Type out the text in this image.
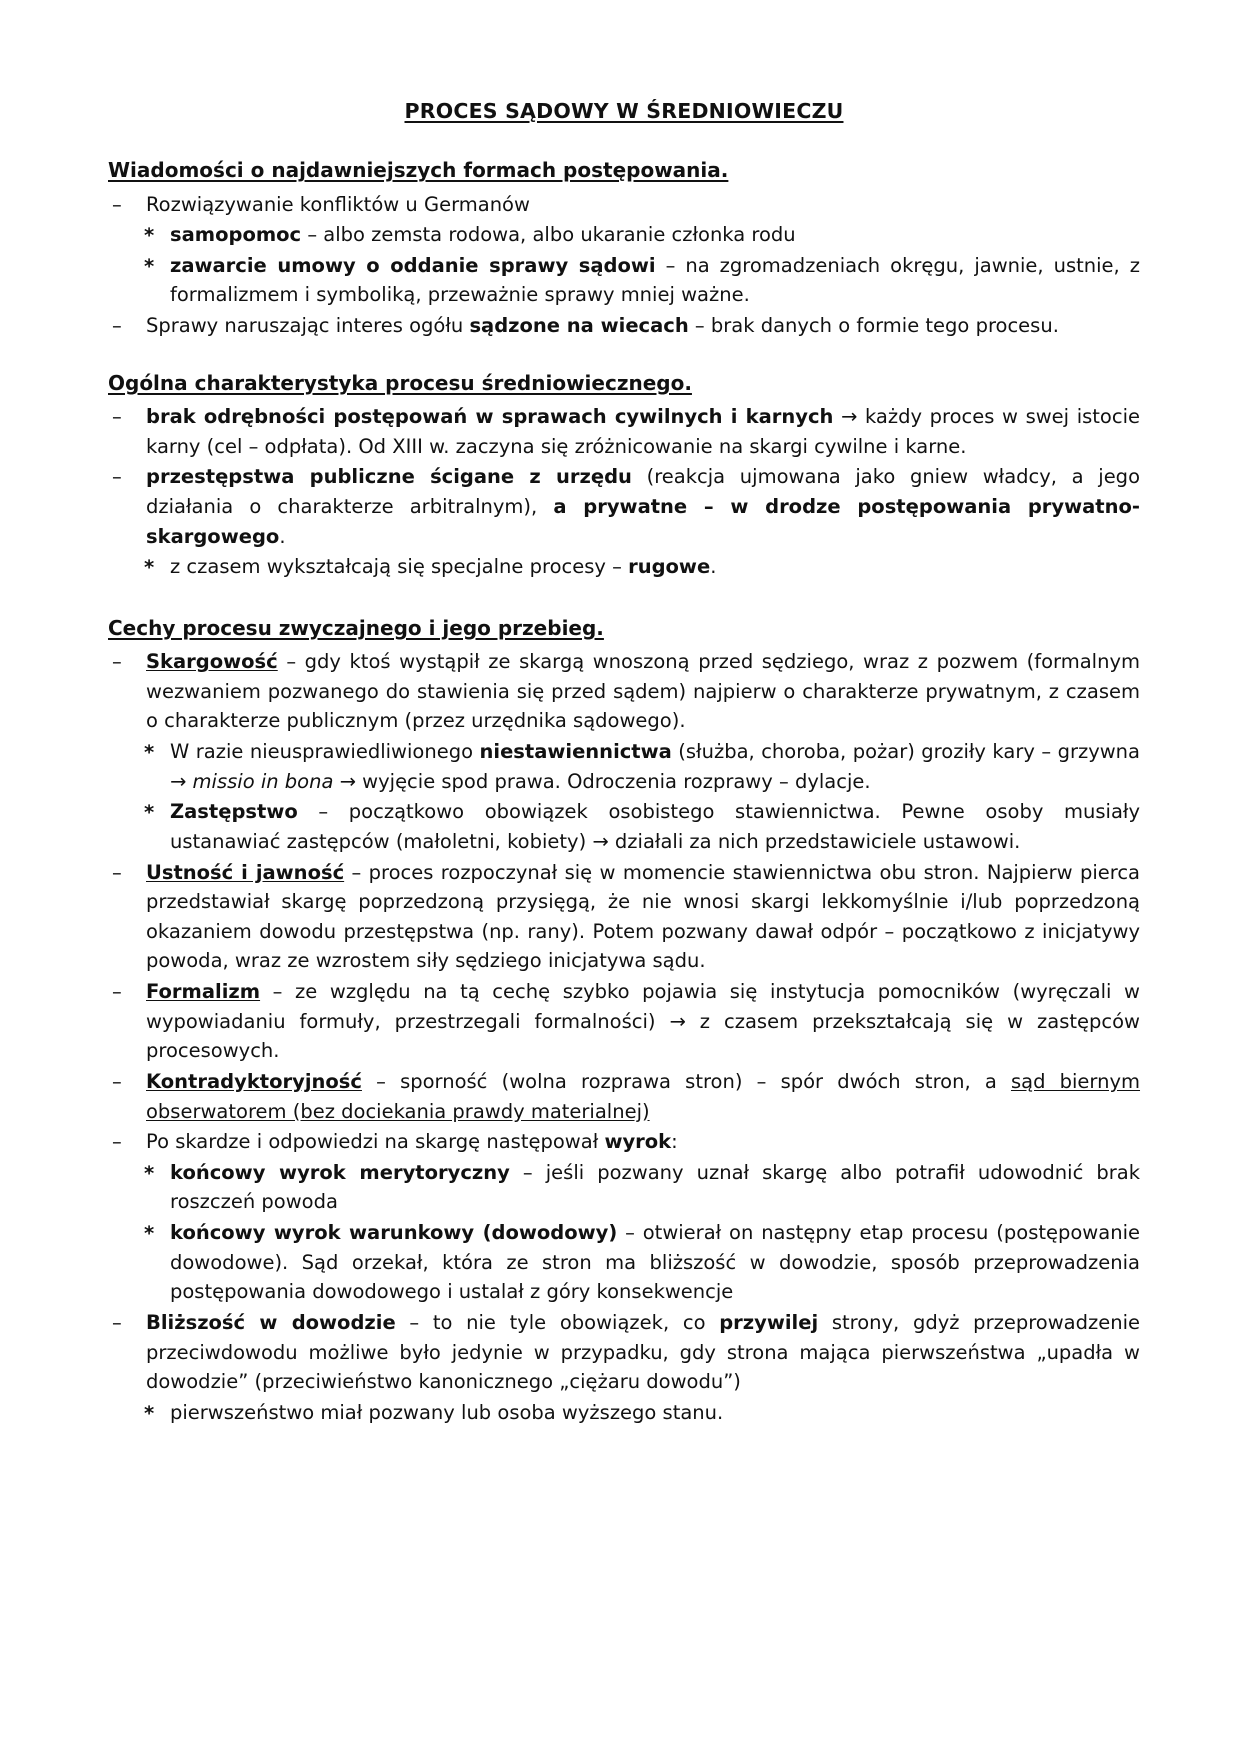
PROCES SĄDOWY W ŚREDNIOWIECZU
Wiadomości o najdawniejszych formach postępowania.
–	Rozwiązywanie konfliktów u Germanów
* samopomoc – albo zemsta rodowa, albo ukaranie członka rodu
* zawarcie umowy o oddanie sprawy sądowi – na zgromadzeniach okręgu, jawnie, ustnie, z formalizmem i symboliką, przeważnie sprawy mniej ważne.
–	Sprawy naruszając interes ogółu sądzone na wiecach – brak danych o formie tego procesu.
Ogólna charakterystyka procesu średniowiecznego.
–	brak odrębności postępowań w sprawach cywilnych i karnych → każdy proces w swej istocie karny (cel – odpłata). Od XIII w. zaczyna się zróżnicowanie na skargi cywilne i karne.
–	przestępstwa publiczne ścigane z urzędu (reakcja ujmowana jako gniew władcy, a jego działania o charakterze arbitralnym), a prywatne – w drodze postępowania prywatno-skargowego.
* z czasem wykształcają się specjalne procesy – rugowe.
Cechy procesu zwyczajnego i jego przebieg.
–	Skargowość – gdy ktoś wystąpił ze skargą wnoszoną przed sędziego, wraz z pozwem (formalnym wezwaniem pozwanego do stawienia się przed sądem) najpierw o charakterze prywatnym, z czasem o charakterze publicznym (przez urzędnika sądowego).
* W razie nieusprawiedliwionego niestawiennictwa (służba, choroba, pożar) groziły kary – grzywna → missio in bona → wyjęcie spod prawa. Odroczenia rozprawy – dylacje.
* Zastępstwo – początkowo obowiązek osobistego stawiennictwa. Pewne osoby musiały ustanawiać zastępców (małoletni, kobiety) → działali za nich przedstawiciele ustawowi.
–	Ustność i jawność – proces rozpoczynał się w momencie stawiennictwa obu stron. Najpierw pierca przedstawiał skargę poprzedzoną przysięgą, że nie wnosi skargi lekkomyślnie i/lub poprzedzoną okazaniem dowodu przestępstwa (np. rany). Potem pozwany dawał odpór – początkowo z inicjatywy powoda, wraz ze wzrostem siły sędziego inicjatywa sądu.
–	Formalizm – ze względu na tą cechę szybko pojawia się instytucja pomocników (wyręczali w wypowiadaniu formuły, przestrzegali formalności) → z czasem przekształcają się w zastępców procesowych.
–	Kontradyktoryjność – sporność (wolna rozprawa stron) – spór dwóch stron, a sąd biernym obserwatorem (bez dociekania prawdy materialnej)
–	Po skardze i odpowiedzi na skargę następował wyrok:
* końcowy wyrok merytoryczny – jeśli pozwany uznał skargę albo potrafił udowodnić brak roszczeń powoda
* końcowy wyrok warunkowy (dowodowy) – otwierał on następny etap procesu (postępowanie dowodowe). Sąd orzekał, która ze stron ma bliższość w dowodzie, sposób przeprowadzenia postępowania dowodowego i ustalał z góry konsekwencje
–	Bliższość w dowodzie – to nie tyle obowiązek, co przywilej strony, gdyż przeprowadzenie przeciwdowodu możliwe było jedynie w przypadku, gdy strona mająca pierwszeństwa „upadła w dowodzie” (przeciwieństwo kanonicznego „ciężaru dowodu”)
* pierwszeństwo miał pozwany lub osoba wyższego stanu.
